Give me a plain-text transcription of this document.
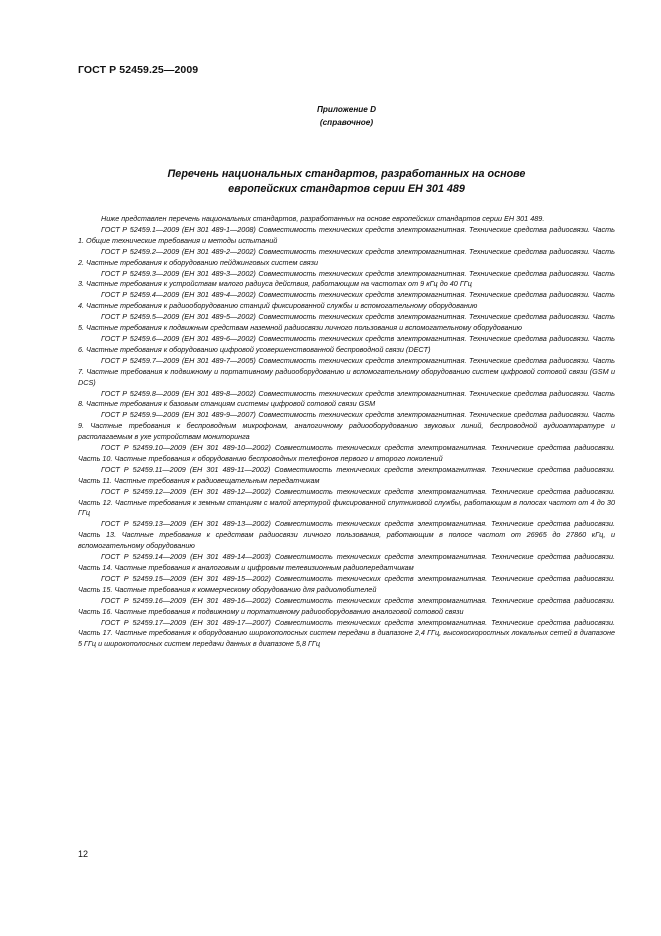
ГОСТ Р 52459.25—2009
Приложение D
(справочное)
Перечень национальных стандартов, разработанных на основе
европейских стандартов серии ЕН 301 489

Ниже представлен перечень национальных стандартов, разработанных на основе европейских стандартов серии ЕН 301 489.

ГОСТ Р 52459.1—2009 (ЕН 301 489-1—2008) Совместимость технических средств электромагнитная. Технические средства радиосвязи. Часть 1. Общие технические требования и методы испытаний

ГОСТ Р 52459.2—2009 (ЕН 301 489-2—2002) Совместимость технических средств электромагнитная. Технические средства радиосвязи. Часть 2. Частные требования к оборудованию пейджинговых систем связи

ГОСТ Р 52459.3—2009 (ЕН 301 489-3—2002) Совместимость технических средств электромагнитная. Технические средства радиосвязи. Часть 3. Частные требования к устройствам малого радиуса действия, работающим на частотах от 9 кГц до 40 ГГц

ГОСТ Р 52459.4—2009 (ЕН 301 489-4—2002) Совместимость технических средств электромагнитная. Технические средства радиосвязи. Часть 4. Частные требования к радиооборудованию станций фиксированной службы и вспомогательному оборудованию

ГОСТ Р 52459.5—2009 (ЕН 301 489-5—2002) Совместимость технических средств электромагнитная. Технические средства радиосвязи. Часть 5. Частные требования к подвижным средствам наземной радиосвязи личного пользования и вспомогательному оборудованию

ГОСТ Р 52459.6—2009 (ЕН 301 489-6—2002) Совместимость технических средств электромагнитная. Технические средства радиосвязи. Часть 6. Частные требования к оборудованию цифровой усовершенствованной беспроводной связи (DECT)

ГОСТ Р 52459.7—2009 (ЕН 301 489-7—2005) Совместимость технических средств электромагнитная. Технические средства радиосвязи. Часть 7. Частные требования к подвижному и портативному радиооборудованию и вспомогательному оборудованию систем цифровой сотовой связи (GSM и DCS)

ГОСТ Р 52459.8—2009 (ЕН 301 489-8—2002) Совместимость технических средств электромагнитная. Технические средства радиосвязи. Часть 8. Частные требования к базовым станциям системы цифровой сотовой связи GSM

ГОСТ Р 52459.9—2009 (ЕН 301 489-9—2007) Совместимость технических средств электромагнитная. Технические средства радиосвязи. Часть 9. Частные требования к беспроводным микрофонам, аналогичному радиооборудованию звуковых линий, беспроводной аудиоаппаратуре и располагаемым в ухе устройствам мониторинга

ГОСТ Р 52459.10—2009 (ЕН 301 489-10—2002) Совместимость технических средств электромагнитная. Технические средства радиосвязи. Часть 10. Частные требования к оборудованию беспроводных телефонов первого и второго поколений

ГОСТ Р 52459.11—2009 (ЕН 301 489-11—2002) Совместимость технических средств электромагнитная. Технические средства радиосвязи. Часть 11. Частные требования к радиовещательным передатчикам

ГОСТ Р 52459.12—2009 (ЕН 301 489-12—2002) Совместимость технических средств электромагнитная. Технические средства радиосвязи. Часть 12. Частные требования к земным станциям с малой апертурой фиксированной спутниковой службы, работающим в полосах частот от 4 до 30 ГГц

ГОСТ Р 52459.13—2009 (ЕН 301 489-13—2002) Совместимость технических средств электромагнитная. Технические средства радиосвязи. Часть 13. Частные требования к средствам радиосвязи личного пользования, работающим в полосе частот от 26965 до 27860 кГц, и вспомогательному оборудованию

ГОСТ Р 52459.14—2009 (ЕН 301 489-14—2003) Совместимость технических средств электромагнитная. Технические средства радиосвязи. Часть 14. Частные требования к аналоговым и цифровым телевизионным радиопередатчикам

ГОСТ Р 52459.15—2009 (ЕН 301 489-15—2002) Совместимость технических средств электромагнитная. Технические средства радиосвязи. Часть 15. Частные требования к коммерческому оборудованию для радиолюбителей

ГОСТ Р 52459.16—2009 (ЕН 301 489-16—2002) Совместимость технических средств электромагнитная. Технические средства радиосвязи. Часть 16. Частные требования к подвижному и портативному радиооборудованию аналоговой сотовой связи

ГОСТ Р 52459.17—2009 (ЕН 301 489-17—2007) Совместимость технических средств электромагнитная. Технические средства радиосвязи. Часть 17. Частные требования к оборудованию широкополосных систем передачи в диапазоне 2,4 ГГц, высокоскоростных локальных сетей в диапазоне 5 ГГц и широкополосных систем передачи данных в диапазоне 5,8 ГГц

12
